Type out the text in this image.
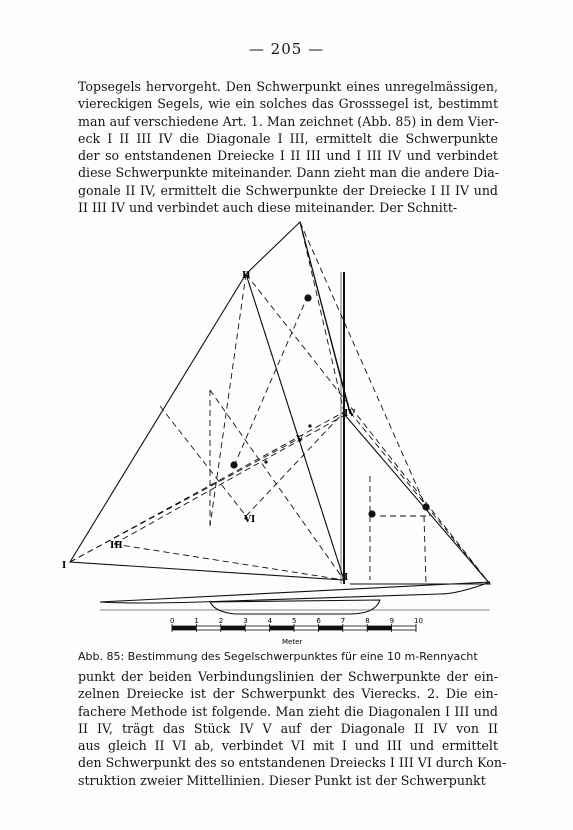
— 205 —

Topsegels hervorgeht. Den Schwerpunkt eines unregelmässigen,
viereckigen Segels, wie ein solches das Grosssegel ist, bestimmt
man auf verschiedene Art. 1. Man zeichnet (Abb. 85) in dem Vier-
eck I II III IV die Diagonale I III, ermittelt die Schwerpunkte
der so entstandenen Dreiecke I II III und I III IV und verbindet
diese Schwerpunkte miteinander. Dann zieht man die andere Dia-
gonale II IV, ermittelt die Schwerpunkte der Dreiecke I II IV und
II III IV und verbindet auch diese miteinander. Der Schnitt-

I
II
IV
I
III
V
VI
0	1	2	3	4	5	6	7	8	9	10
Meter
Abb. 85: Bestimmung des Segelschwerpunktes für eine 10 m-Rennyacht

punkt der beiden Verbindungslinien der Schwerpunkte der ein-
zelnen Dreiecke ist der Schwerpunkt des Vierecks. 2. Die ein-
fachere Methode ist folgende. Man zieht die Diagonalen I III und
II IV, trägt das Stück IV V auf der Diagonale II IV von II
aus gleich II VI ab, verbindet VI mit I und III und ermittelt
den Schwerpunkt des so entstandenen Dreiecks I III VI durch Kon-
struktion zweier Mittellinien. Dieser Punkt ist der Schwerpunkt
